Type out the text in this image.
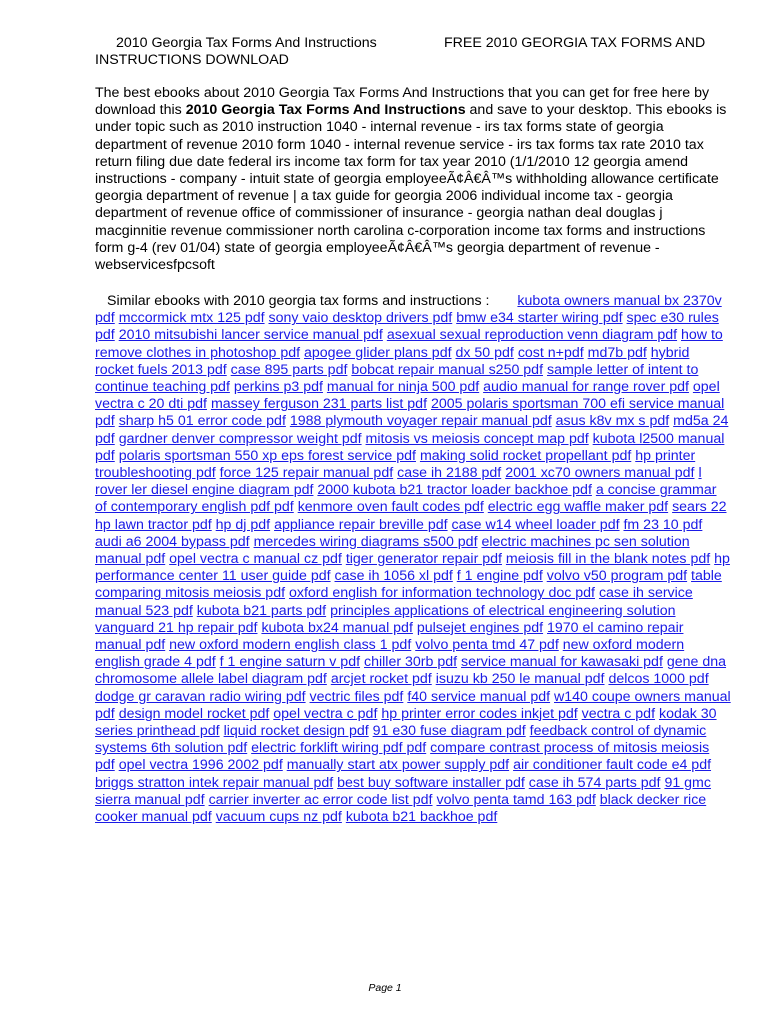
2010 Georgia Tax Forms And Instructions	FREE 2010 GEORGIA TAX FORMS AND
INSTRUCTIONS DOWNLOAD
The best ebooks about 2010 Georgia Tax Forms And Instructions that you can get for free here by download this 2010 Georgia Tax Forms And Instructions and save to your desktop. This ebooks is under topic such as 2010 instruction 1040 - internal revenue - irs tax forms state of georgia department of revenue 2010 form 1040 - internal revenue service - irs tax forms tax rate 2010 tax return filing due date federal irs income tax form for tax year 2010 (1/1/2010 12 georgia amend instructions - company - intuit state of georgia employeeÃ¢Â€Â™s withholding allowance certificate georgia department of revenue | a tax guide for georgia 2006 individual income tax - georgia department of revenue office of commissioner of insurance - georgia nathan deal douglas j macginnitie revenue commissioner north carolina c-corporation income tax forms and instructions form g-4 (rev 01/04) state of georgia employeeÃ¢Â€Â™s georgia department of revenue - webservicesfpcsoft
Similar ebooks with 2010 georgia tax forms and instructions : kubota owners manual bx 2370v pdf mccormick mtx 125 pdf sony vaio desktop drivers pdf bmw e34 starter wiring pdf spec e30 rules pdf 2010 mitsubishi lancer service manual pdf asexual sexual reproduction venn diagram pdf how to remove clothes in photoshop pdf apogee glider plans pdf dx 50 pdf cost n+pdf md7b pdf hybrid rocket fuels 2013 pdf case 895 parts pdf bobcat repair manual s250 pdf sample letter of intent to continue teaching pdf perkins p3 pdf manual for ninja 500 pdf audio manual for range rover pdf opel vectra c 20 dti pdf massey ferguson 231 parts list pdf 2005 polaris sportsman 700 efi service manual pdf sharp h5 01 error code pdf 1988 plymouth voyager repair manual pdf asus k8v mx s pdf md5a 24 pdf gardner denver compressor weight pdf mitosis vs meiosis concept map pdf kubota l2500 manual pdf polaris sportsman 550 xp eps forest service pdf making solid rocket propellant pdf hp printer troubleshooting pdf force 125 repair manual pdf case ih 2188 pdf 2001 xc70 owners manual pdf l rover ler diesel engine diagram pdf 2000 kubota b21 tractor loader backhoe pdf a concise grammar of contemporary english pdf pdf kenmore oven fault codes pdf electric egg waffle maker pdf sears 22 hp lawn tractor pdf hp dj pdf appliance repair breville pdf case w14 wheel loader pdf fm 23 10 pdf audi a6 2004 bypass pdf mercedes wiring diagrams s500 pdf electric machines pc sen solution manual pdf opel vectra c manual cz pdf tiger generator repair pdf meiosis fill in the blank notes pdf hp performance center 11 user guide pdf case ih 1056 xl pdf f 1 engine pdf volvo v50 program pdf table comparing mitosis meiosis pdf oxford english for information technology doc pdf case ih service manual 523 pdf kubota b21 parts pdf principles applications of electrical engineering solution vanguard 21 hp repair pdf kubota bx24 manual pdf pulsejet engines pdf 1970 el camino repair manual pdf new oxford modern english class 1 pdf volvo penta tmd 47 pdf new oxford modern english grade 4 pdf f 1 engine saturn v pdf chiller 30rb pdf service manual for kawasaki pdf gene dna chromosome allele label diagram pdf arcjet rocket pdf isuzu kb 250 le manual pdf delcos 1000 pdf dodge gr caravan radio wiring pdf vectric files pdf f40 service manual pdf w140 coupe owners manual pdf design model rocket pdf opel vectra c pdf hp printer error codes inkjet pdf vectra c pdf kodak 30 series printhead pdf liquid rocket design pdf 91 e30 fuse diagram pdf feedback control of dynamic systems 6th solution pdf electric forklift wiring pdf pdf compare contrast process of mitosis meiosis pdf opel vectra 1996 2002 pdf manually start atx power supply pdf air conditioner fault code e4 pdf briggs stratton intek repair manual pdf best buy software installer pdf case ih 574 parts pdf 91 gmc sierra manual pdf carrier inverter ac error code list pdf volvo penta tamd 163 pdf black decker rice cooker manual pdf vacuum cups nz pdf kubota b21 backhoe pdf
Page 1
